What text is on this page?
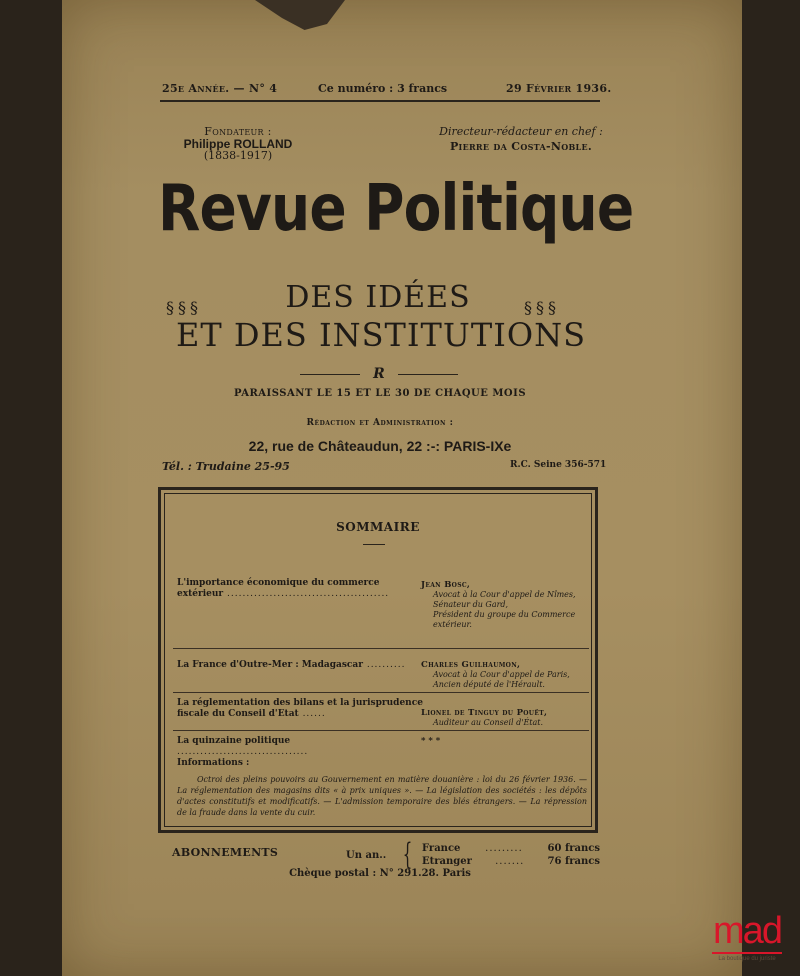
25e Année. — N° 4	Ce numéro : 3 francs	29 Février 1936.
Fondateur :
Philippe ROLLAND
(1838-1917)
Directeur-rédacteur en chef :
Pierre da Costa-Noble.
Revue Politique
§§§	DES IDÉES	§§§
ET DES INSTITUTIONS
R
PARAISSANT LE 15 ET LE 30 DE CHAQUE MOIS
Rédaction et Administration :
22, rue de Châteaudun, 22 :-: PARIS-IXe
Tél. : Trudaine 25-95	R.C. Seine 356-571
SOMMAIRE
L'importance économique du commerce extérieur ..........................................
Jean Bosc,
Avocat à la Cour d'appel de Nîmes,
Sénateur du Gard,
Président du groupe du Commerce extérieur.
La France d'Outre-Mer : Madagascar ..........	Charles Guilhaumon,
Avocat à la Cour d'appel de Paris,
Ancien député de l'Hérault.
La réglementation des bilans et la jurisprudence fiscale du Conseil d'Etat ......	Lionel de Tinguy du Pouët,
Auditeur au Conseil d'État.
La quinzaine politique ..................................
* * *
Informations :
Octroi des pleins pouvoirs au Gouvernement en matière douanière : loi du 26 février 1936. — La réglementation des magasins dits « à prix uniques ». — La législation des sociétés : les dépôts d'actes constitutifs et modificatifs. — L'admission temporaire des blés étrangers. — La répression de la fraude dans la vente du cuir.
ABONNEMENTS	Un an.. { France ......... 60 francs
Etranger ....... 76 francs
Chèque postal : N° 291.28. Paris
mad
La boutique du juriste
